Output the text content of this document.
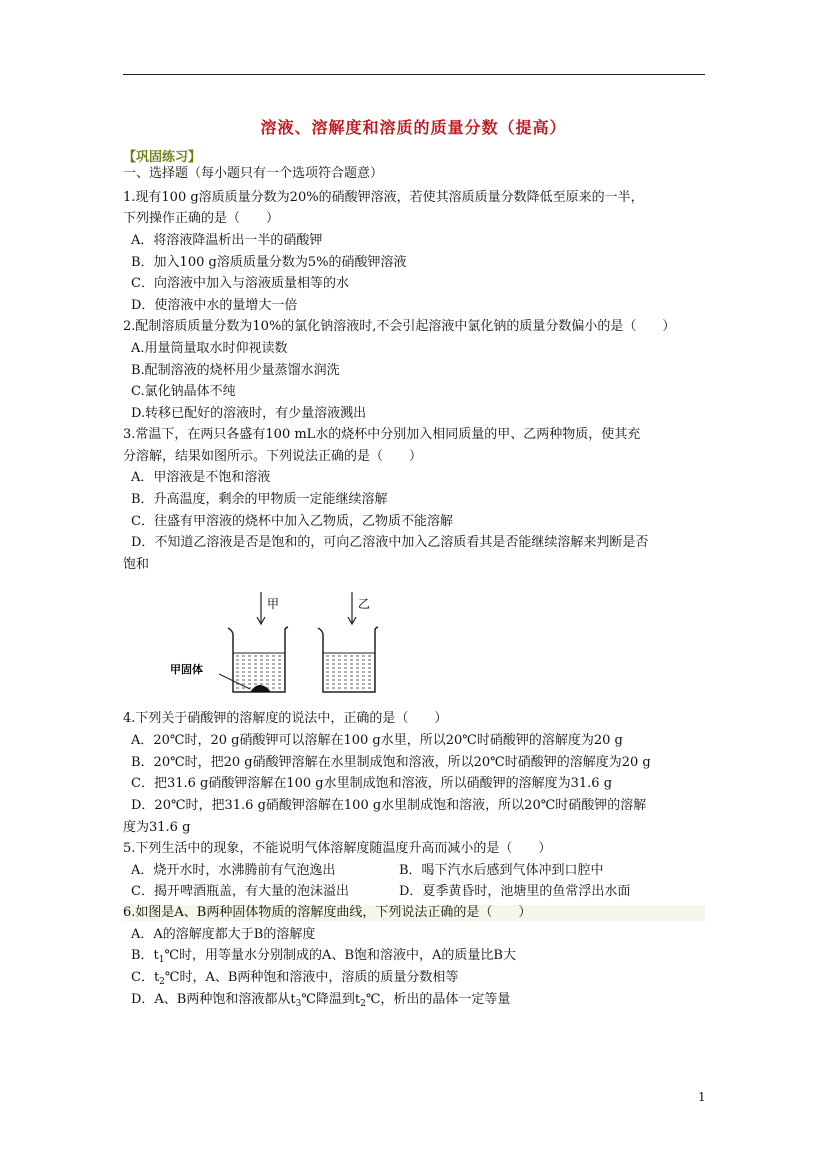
溶液、溶解度和溶质的质量分数（提高）
【巩固练习】
一、选择题（每小题只有一个选项符合题意）
1.现有100 g溶质质量分数为20%的硝酸钾溶液，若使其溶质质量分数降低至原来的一半，
下列操作正确的是（　　）
A．将溶液降温析出一半的硝酸钾
B．加入100 g溶质质量分数为5%的硝酸钾溶液
C．向溶液中加入与溶液质量相等的水
D．使溶液中水的量增大一倍
2.配制溶质质量分数为10%的氯化钠溶液时,不会引起溶液中氯化钠的质量分数偏小的是（　　）
A.用量筒量取水时仰视读数
B.配制溶液的烧杯用少量蒸馏水润洗
C.氯化钠晶体不纯
D.转移已配好的溶液时，有少量溶液溅出
3.常温下，在两只各盛有100 mL水的烧杯中分别加入相同质量的甲、乙两种物质，使其充
分溶解，结果如图所示。下列说法正确的是（　　）
A．甲溶液是不饱和溶液
B．升高温度，剩余的甲物质一定能继续溶解
C．往盛有甲溶液的烧杯中加入乙物质，乙物质不能溶解
D．不知道乙溶液是否是饱和的，可向乙溶液中加入乙溶质看其是否能继续溶解来判断是否
饱和
甲	乙
甲固体
4.下列关于硝酸钾的溶解度的说法中，正确的是（　　）
A．20℃时，20 g硝酸钾可以溶解在100 g水里，所以20℃时硝酸钾的溶解度为20 g
B．20℃时，把20 g硝酸钾溶解在水里制成饱和溶液，所以20℃时硝酸钾的溶解度为20 g
C．把31.6 g硝酸钾溶解在100 g水里制成饱和溶液，所以硝酸钾的溶解度为31.6 g
D．20℃时，把31.6 g硝酸钾溶解在100 g水里制成饱和溶液，所以20℃时硝酸钾的溶解
度为31.6 g
5.下列生活中的现象，不能说明气体溶解度随温度升高而减小的是（　　）
A．烧开水时，水沸腾前有气泡逸出	B．喝下汽水后感到气体冲到口腔中
C．揭开啤酒瓶盖，有大量的泡沫溢出	D．夏季黄昏时，池塘里的鱼常浮出水面
6.如图是A、B两种固体物质的溶解度曲线，下列说法正确的是（　　）
A．A的溶解度都大于B的溶解度
B．$t_1℃$时，用等量水分别制成的A、B饱和溶液中，A的质量比B大
C．$t_2℃$时，A、B两种饱和溶液中，溶质的质量分数相等
D．A、B两种饱和溶液都从$t_3℃$降温到$t_2℃$，析出的晶体一定等量
1
